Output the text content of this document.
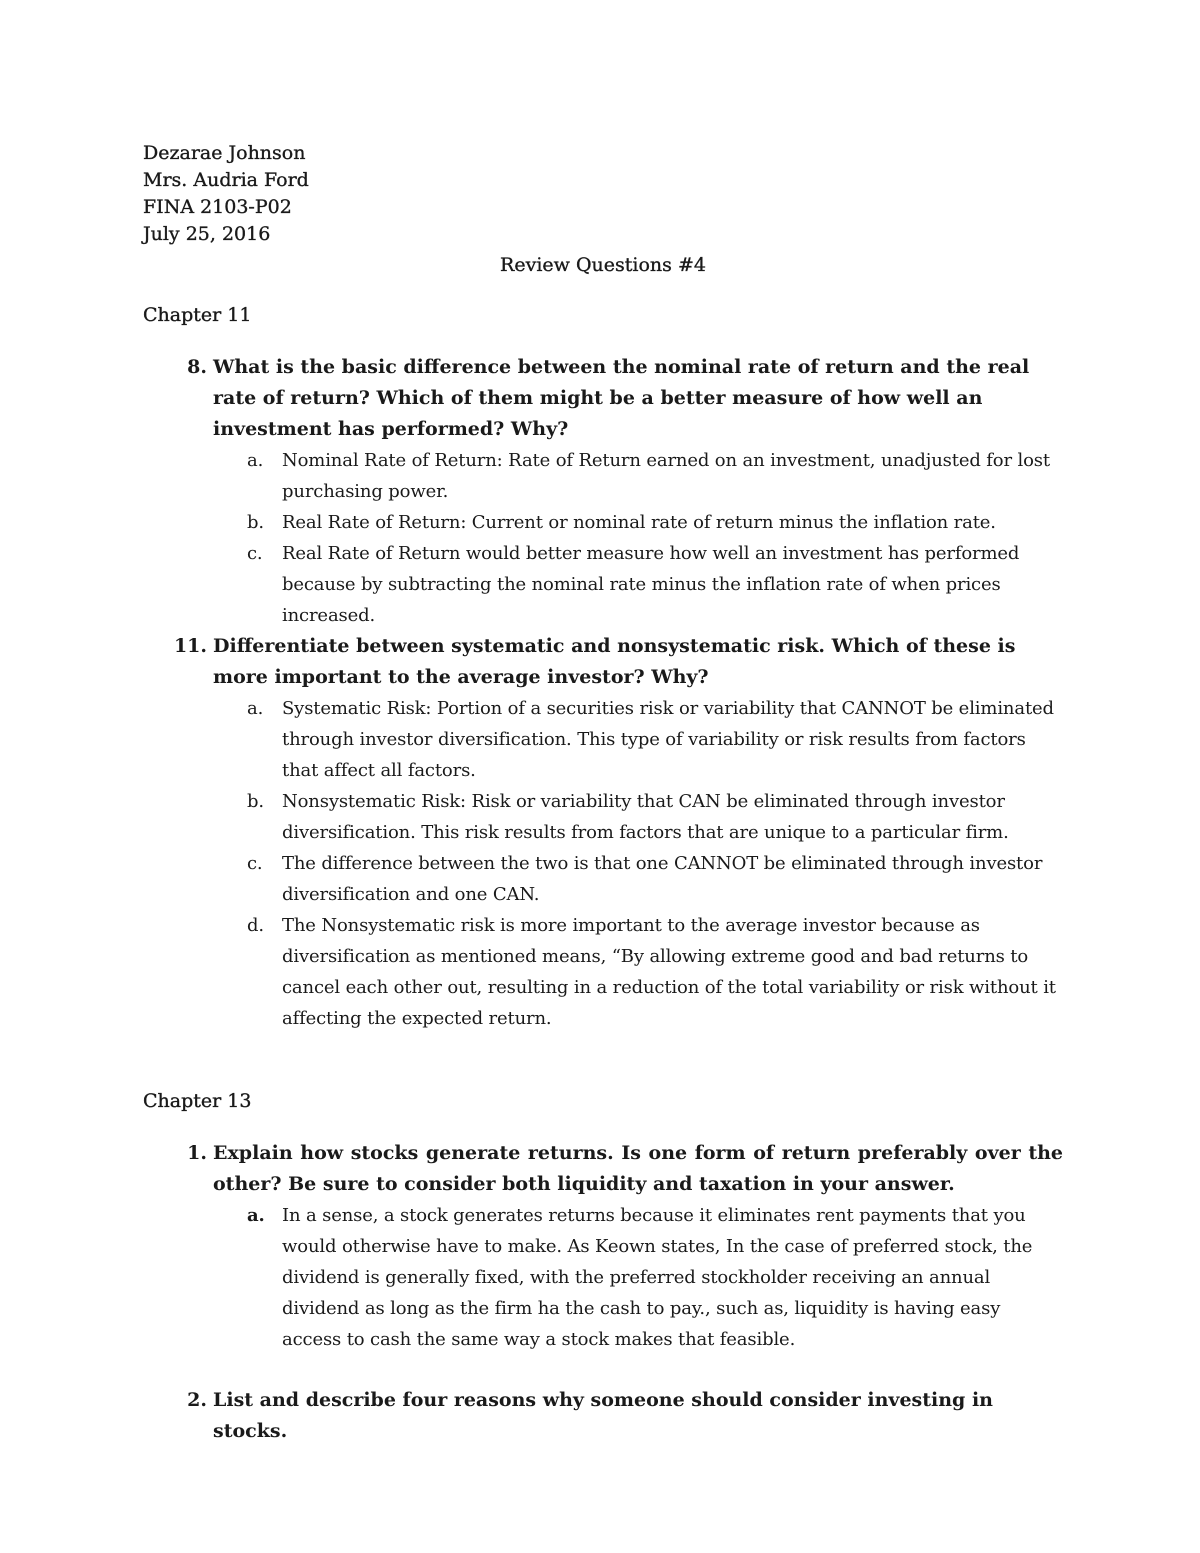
Dezarae Johnson
Mrs. Audria Ford
FINA 2103-P02
July 25, 2016
Review Questions #4
Chapter 11
8. What is the basic difference between the nominal rate of return and the real rate of return? Which of them might be a better measure of how well an investment has performed? Why?
a. Nominal Rate of Return: Rate of Return earned on an investment, unadjusted for lost purchasing power.
b. Real Rate of Return: Current or nominal rate of return minus the inflation rate.
c. Real Rate of Return would better measure how well an investment has performed because by subtracting the nominal rate minus the inflation rate of when prices increased.
11. Differentiate between systematic and nonsystematic risk. Which of these is more important to the average investor? Why?
a. Systematic Risk: Portion of a securities risk or variability that CANNOT be eliminated through investor diversification. This type of variability or risk results from factors that affect all factors.
b. Nonsystematic Risk: Risk or variability that CAN be eliminated through investor diversification. This risk results from factors that are unique to a particular firm.
c. The difference between the two is that one CANNOT be eliminated through investor diversification and one CAN.
d. The Nonsystematic risk is more important to the average investor because as diversification as mentioned means, “By allowing extreme good and bad returns to cancel each other out, resulting in a reduction of the total variability or risk without it affecting the expected return.
Chapter 13
1. Explain how stocks generate returns. Is one form of return preferably over the other? Be sure to consider both liquidity and taxation in your answer.
a. In a sense, a stock generates returns because it eliminates rent payments that you would otherwise have to make. As Keown states, In the case of preferred stock, the dividend is generally fixed, with the preferred stockholder receiving an annual dividend as long as the firm ha the cash to pay., such as, liquidity is having easy access to cash the same way a stock makes that feasible.
2. List and describe four reasons why someone should consider investing in stocks.
